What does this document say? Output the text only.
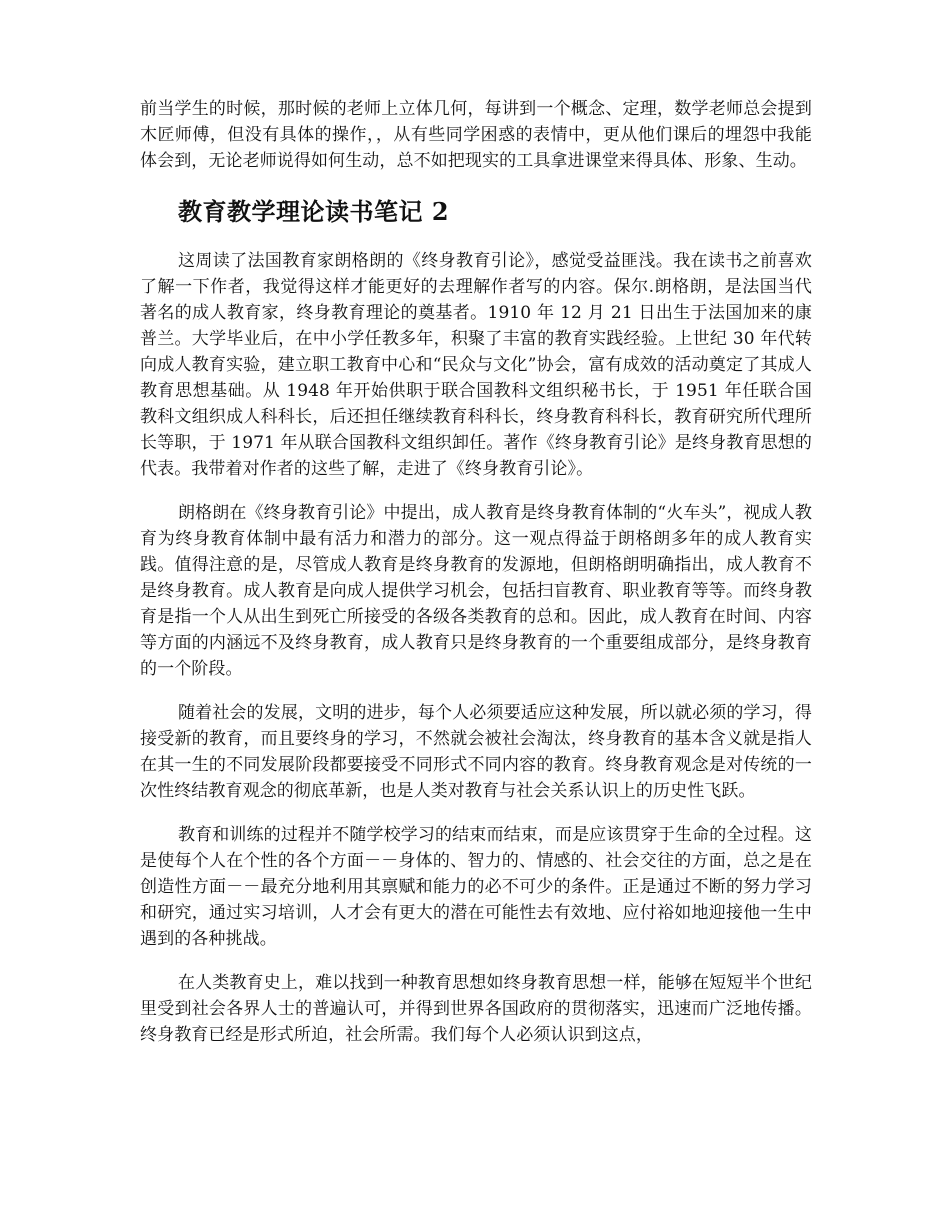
前当学生的时候，那时候的老师上立体几何，每讲到一个概念、定理，数学老师总会提到木匠师傅，但没有具体的操作，，从有些同学困惑的表情中，更从他们课后的埋怨中我能体会到，无论老师说得如何生动，总不如把现实的工具拿进课堂来得具体、形象、生动。

教育教学理论读书笔记 2

这周读了法国教育家朗格朗的《终身教育引论》，感觉受益匪浅。我在读书之前喜欢了解一下作者，我觉得这样才能更好的去理解作者写的内容。保尔.朗格朗，是法国当代著名的成人教育家，终身教育理论的奠基者。1910 年 12 月 21 日出生于法国加来的康普兰。大学毕业后，在中小学任教多年，积聚了丰富的教育实践经验。上世纪 30 年代转向成人教育实验，建立职工教育中心和“民众与文化”协会，富有成效的活动奠定了其成人教育思想基础。从 1948 年开始供职于联合国教科文组织秘书长，于 1951 年任联合国教科文组织成人科科长，后还担任继续教育科科长，终身教育科科长，教育研究所代理所长等职，于 1971 年从联合国教科文组织卸任。著作《终身教育引论》是终身教育思想的代表。我带着对作者的这些了解，走进了《终身教育引论》。

朗格朗在《终身教育引论》中提出，成人教育是终身教育体制的“火车头”，视成人教育为终身教育体制中最有活力和潜力的部分。这一观点得益于朗格朗多年的成人教育实践。值得注意的是，尽管成人教育是终身教育的发源地，但朗格朗明确指出，成人教育不是终身教育。成人教育是向成人提供学习机会，包括扫盲教育、职业教育等等。而终身教育是指一个人从出生到死亡所接受的各级各类教育的总和。因此，成人教育在时间、内容等方面的内涵远不及终身教育，成人教育只是终身教育的一个重要组成部分，是终身教育的一个阶段。

随着社会的发展，文明的进步，每个人必须要适应这种发展，所以就必须的学习，得接受新的教育，而且要终身的学习，不然就会被社会淘汰，终身教育的基本含义就是指人在其一生的不同发展阶段都要接受不同形式不同内容的教育。终身教育观念是对传统的一次性终结教育观念的彻底革新，也是人类对教育与社会关系认识上的历史性飞跃。

教育和训练的过程并不随学校学习的结束而结束，而是应该贯穿于生命的全过程。这是使每个人在个性的各个方面－－身体的、智力的、情感的、社会交往的方面，总之是在创造性方面－－最充分地利用其禀赋和能力的必不可少的条件。正是通过不断的努力学习和研究，通过实习培训，人才会有更大的潜在可能性去有效地、应付裕如地迎接他一生中遇到的各种挑战。

在人类教育史上，难以找到一种教育思想如终身教育思想一样，能够在短短半个世纪里受到社会各界人士的普遍认可，并得到世界各国政府的贯彻落实，迅速而广泛地传播。终身教育已经是形式所迫，社会所需。我们每个人必须认识到这点，
